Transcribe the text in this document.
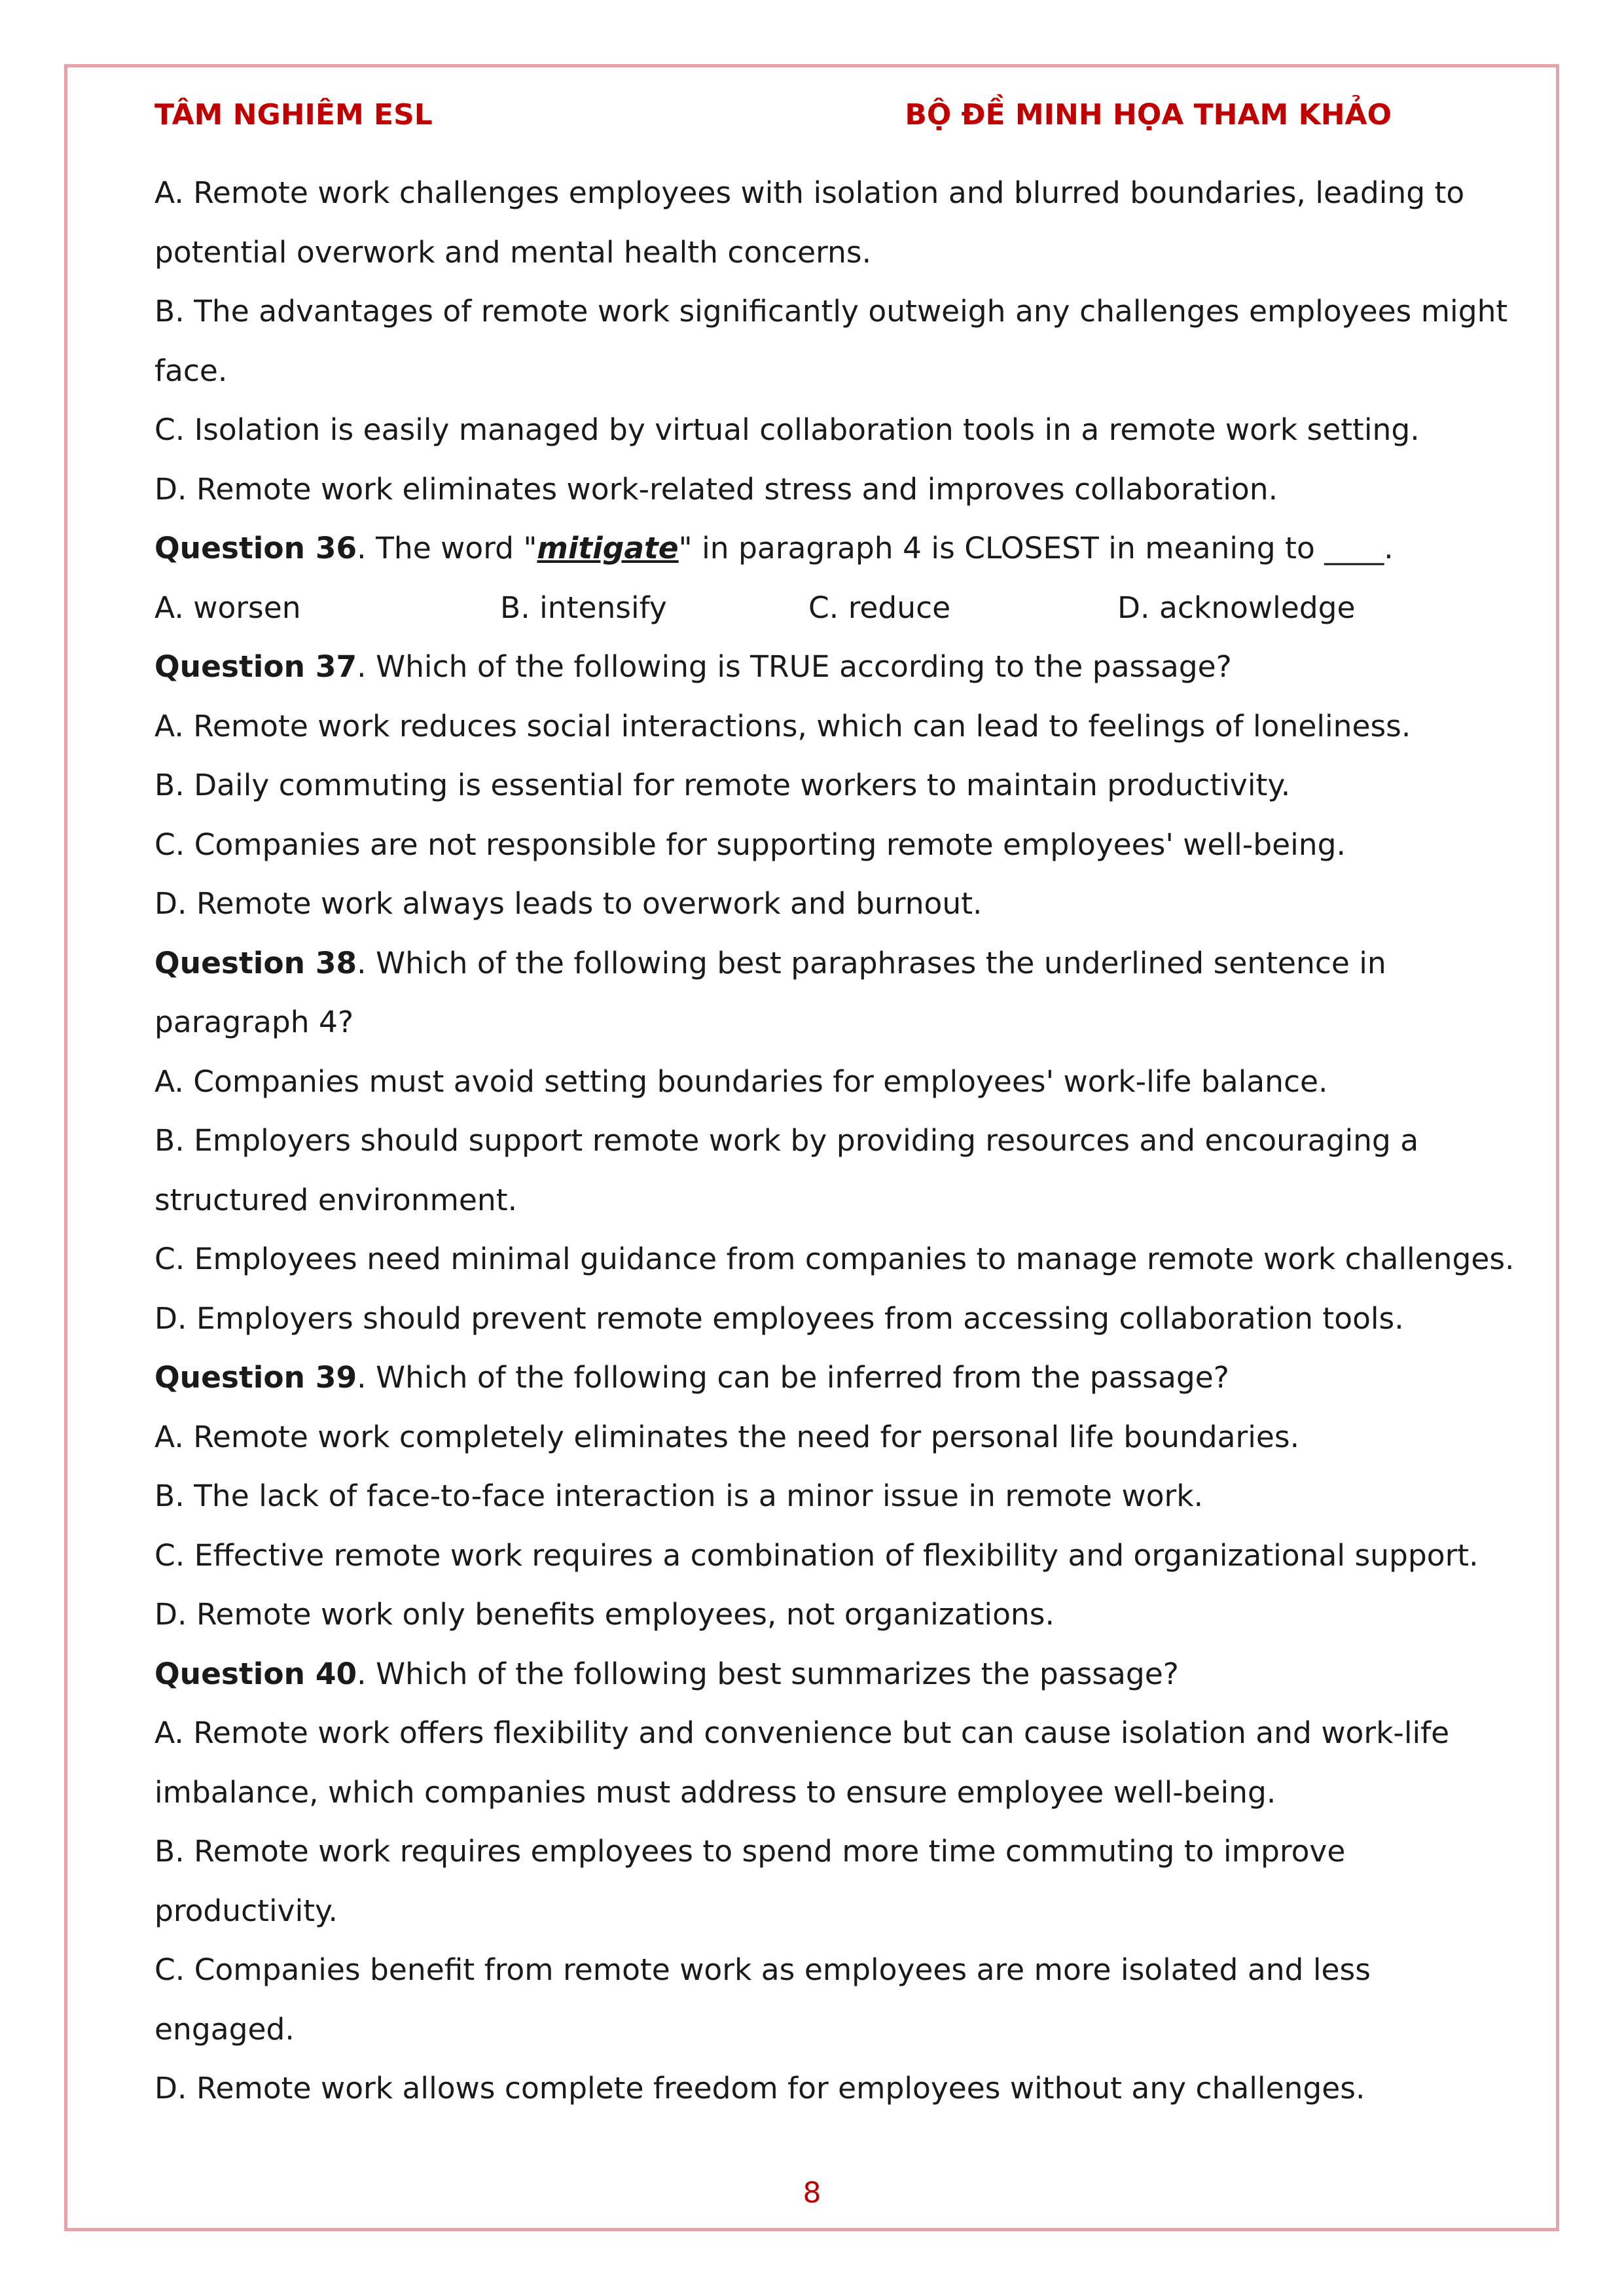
TÂM NGHIÊM ESL	BỘ ĐỀ MINH HỌA THAM KHẢO
A. Remote work challenges employees with isolation and blurred boundaries, leading to
potential overwork and mental health concerns.
B. The advantages of remote work significantly outweigh any challenges employees might
face.
C. Isolation is easily managed by virtual collaboration tools in a remote work setting.
D. Remote work eliminates work-related stress and improves collaboration.
Question 36. The word "mitigate" in paragraph 4 is CLOSEST in meaning to ____.
A. worsen	B. intensify	C. reduce	D. acknowledge
Question 37. Which of the following is TRUE according to the passage?
A. Remote work reduces social interactions, which can lead to feelings of loneliness.
B. Daily commuting is essential for remote workers to maintain productivity.
C. Companies are not responsible for supporting remote employees' well-being.
D. Remote work always leads to overwork and burnout.
Question 38. Which of the following best paraphrases the underlined sentence in
paragraph 4?
A. Companies must avoid setting boundaries for employees' work-life balance.
B. Employers should support remote work by providing resources and encouraging a
structured environment.
C. Employees need minimal guidance from companies to manage remote work challenges.
D. Employers should prevent remote employees from accessing collaboration tools.
Question 39. Which of the following can be inferred from the passage?
A. Remote work completely eliminates the need for personal life boundaries.
B. The lack of face-to-face interaction is a minor issue in remote work.
C. Effective remote work requires a combination of flexibility and organizational support.
D. Remote work only benefits employees, not organizations.
Question 40. Which of the following best summarizes the passage?
A. Remote work offers flexibility and convenience but can cause isolation and work-life
imbalance, which companies must address to ensure employee well-being.
B. Remote work requires employees to spend more time commuting to improve
productivity.
C. Companies benefit from remote work as employees are more isolated and less
engaged.
D. Remote work allows complete freedom for employees without any challenges.
8
